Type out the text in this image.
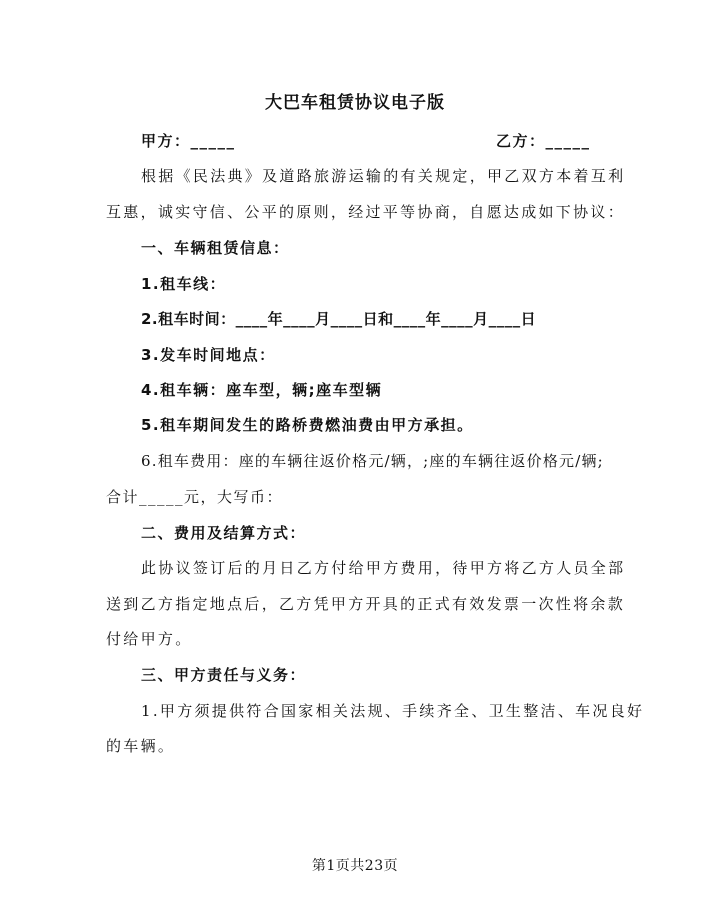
大巴车租赁协议电子版
甲方：_____	乙方：_____
根据《民法典》及道路旅游运输的有关规定，甲乙双方本着互利
互惠，诚实守信、公平的原则，经过平等协商，自愿达成如下协议：
一、车辆租赁信息：
1.租车线：
2.租车时间：____年____月____日和____年____月____日
3.发车时间地点：
4.租车辆：座车型，辆;座车型辆
5.租车期间发生的路桥费燃油费由甲方承担。
6.租车费用：座的车辆往返价格元/辆，;座的车辆往返价格元/辆;
合计_____元，大写币：
二、费用及结算方式：
此协议签订后的月日乙方付给甲方费用，待甲方将乙方人员全部
送到乙方指定地点后，乙方凭甲方开具的正式有效发票一次性将余款
付给甲方。
三、甲方责任与义务：
1.甲方须提供符合国家相关法规、手续齐全、卫生整洁、车况良好
的车辆。
第1页共23页
